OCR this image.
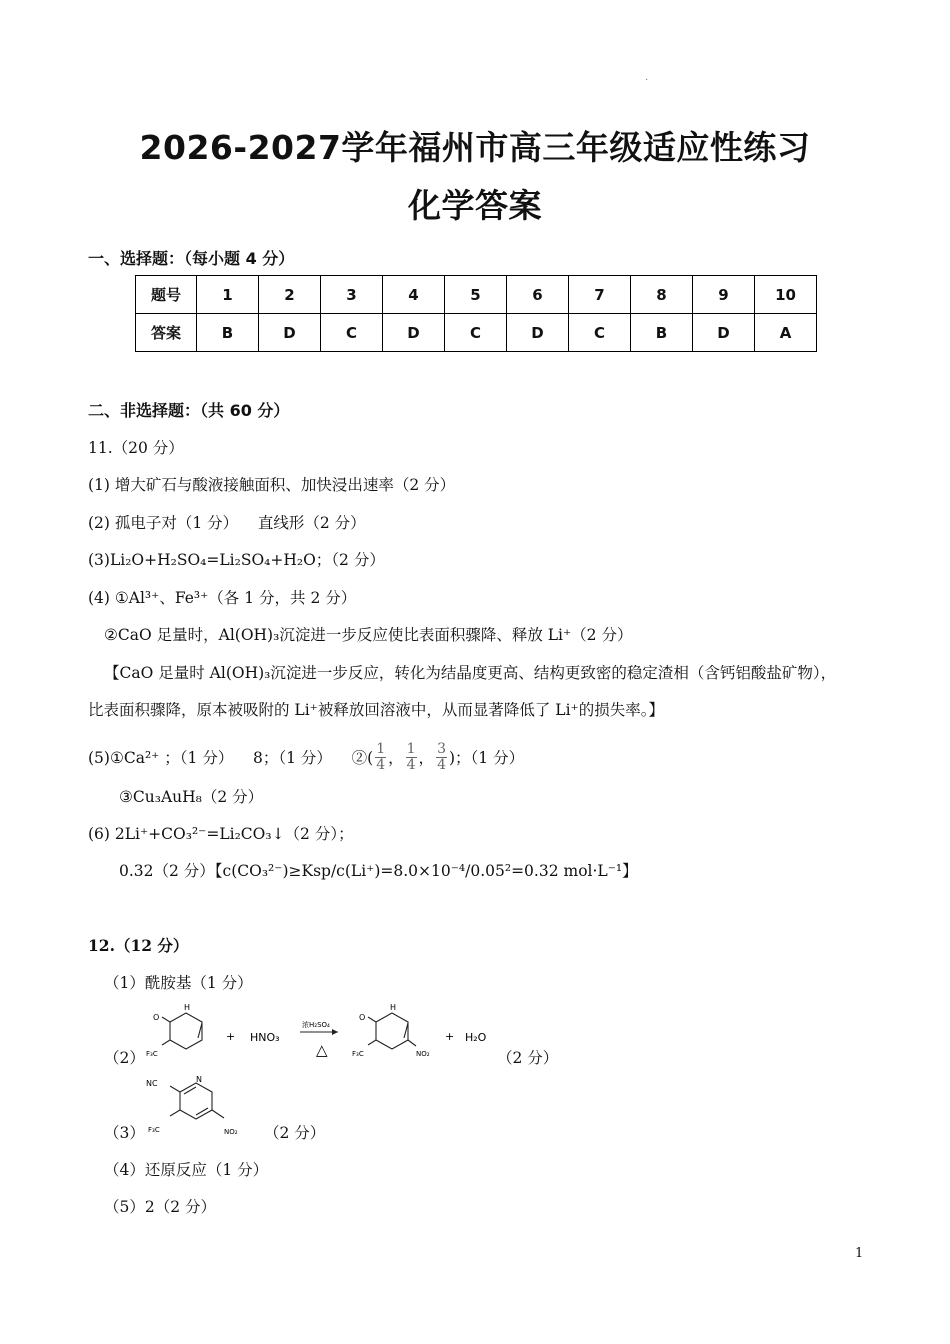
.
2026-2027学年福州市高三年级适应性练习
化学答案
一、选择题：（每小题 4 分）
题号	1	2	3	4	5	6	7	8	9	10
答案	B	D	C	D	C	D	C	B	D	A
二、非选择题：（共 60 分）
11.（20 分）
(1) 增大矿石与酸液接触面积、加快浸出速率（2 分）
(2) 孤电子对（1 分）    直线形（2 分）
(3)Li₂O+H₂SO₄=Li₂SO₄+H₂O；（2 分）
(4) ①Al³⁺、Fe³⁺（各 1 分，共 2 分）
②CaO 足量时，Al(OH)₃沉淀进一步反应使比表面积骤降、释放 Li⁺（2 分）
【CaO 足量时 Al(OH)₃沉淀进一步反应，转化为结晶度更高、结构更致密的稳定渣相（含钙铝酸盐矿物），
比表面积骤降，原本被吸附的 Li⁺被释放回溶液中，从而显著降低了 Li⁺的损失率。】
(5)①Ca²⁺ ；（1 分）    8；（1 分）    ②( $\frac{1}{4}$ ， $\frac{1}{4}$ ， $\frac{3}{4}$ )；（1 分）
③Cu₃AuH₈（2 分）
(6) 2Li⁺+CO₃²⁻=Li₂CO₃↓（2 分）；
0.32（2 分）【c(CO₃²⁻)≥Ksp/c(Li⁺)=8.0×10⁻⁴/0.05²=0.32 mol·L⁻¹】
12.（12 分）
（1）酰胺基（1 分）
（2）
O
H
F₃C
+ HNO₃
浓H₂SO₄
△
O
H
F₃C	NO₂
+ H₂O
（2 分）
NC	N
F₃C	NO₂
（3）	（2 分）
（4）还原反应（1 分）
（5）2（2 分）
1
